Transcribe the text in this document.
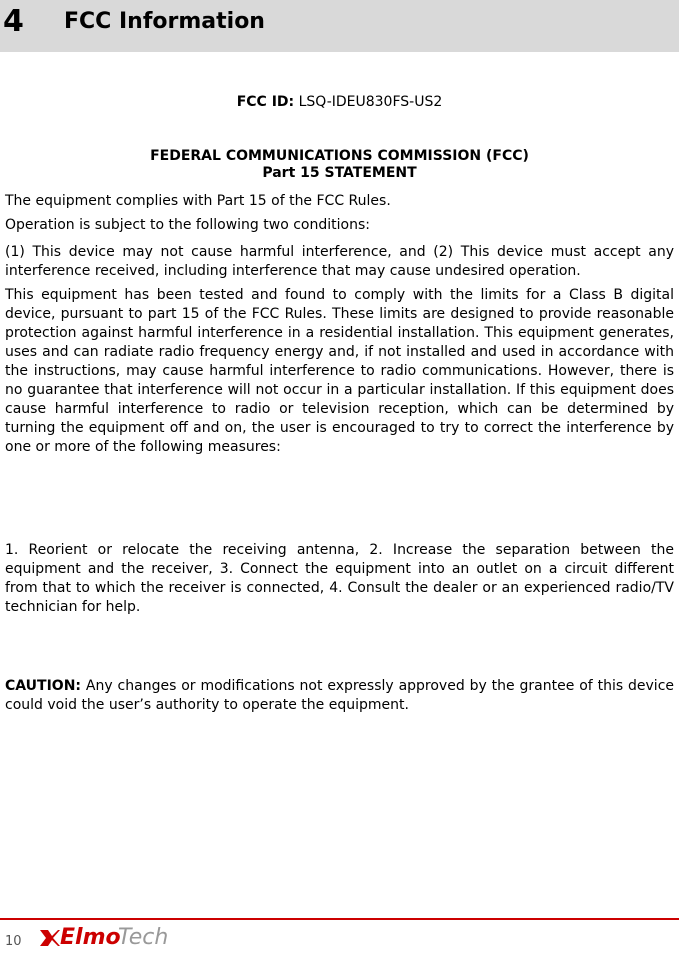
4 FCC Information

FCC ID: LSQ-IDEU830FS-US2

FEDERAL COMMUNICATIONS COMMISSION (FCC)

Part 15 STATEMENT

The equipment complies with Part 15 of the FCC Rules.

Operation is subject to the following two conditions:

(1) This device may not cause harmful interference, and (2) This device must accept any interference received, including interference that may cause undesired operation.

This equipment has been tested and found to comply with the limits for a Class B digital device, pursuant to part 15 of the FCC Rules. These limits are designed to provide reasonable protection against harmful interference in a residential installation. This equipment generates, uses and can radiate radio frequency energy and, if not installed and used in accordance with the instructions, may cause harmful interference to radio communications. However, there is no guarantee that interference will not occur in a particular installation. If this equipment does cause harmful interference to radio or television reception, which can be determined by turning the equipment off and on, the user is encouraged to try to correct the interference by one or more of the following measures:

1. Reorient or relocate the receiving antenna, 2. Increase the separation between the equipment and the receiver, 3. Connect the equipment into an outlet on a circuit different from that to which the receiver is connected, 4. Consult the dealer or an experienced radio/TV technician for help.

CAUTION: Any changes or modifications not expressly approved by the grantee of this device could void the user’s authority to operate the equipment.

10 Elmo
Tech
